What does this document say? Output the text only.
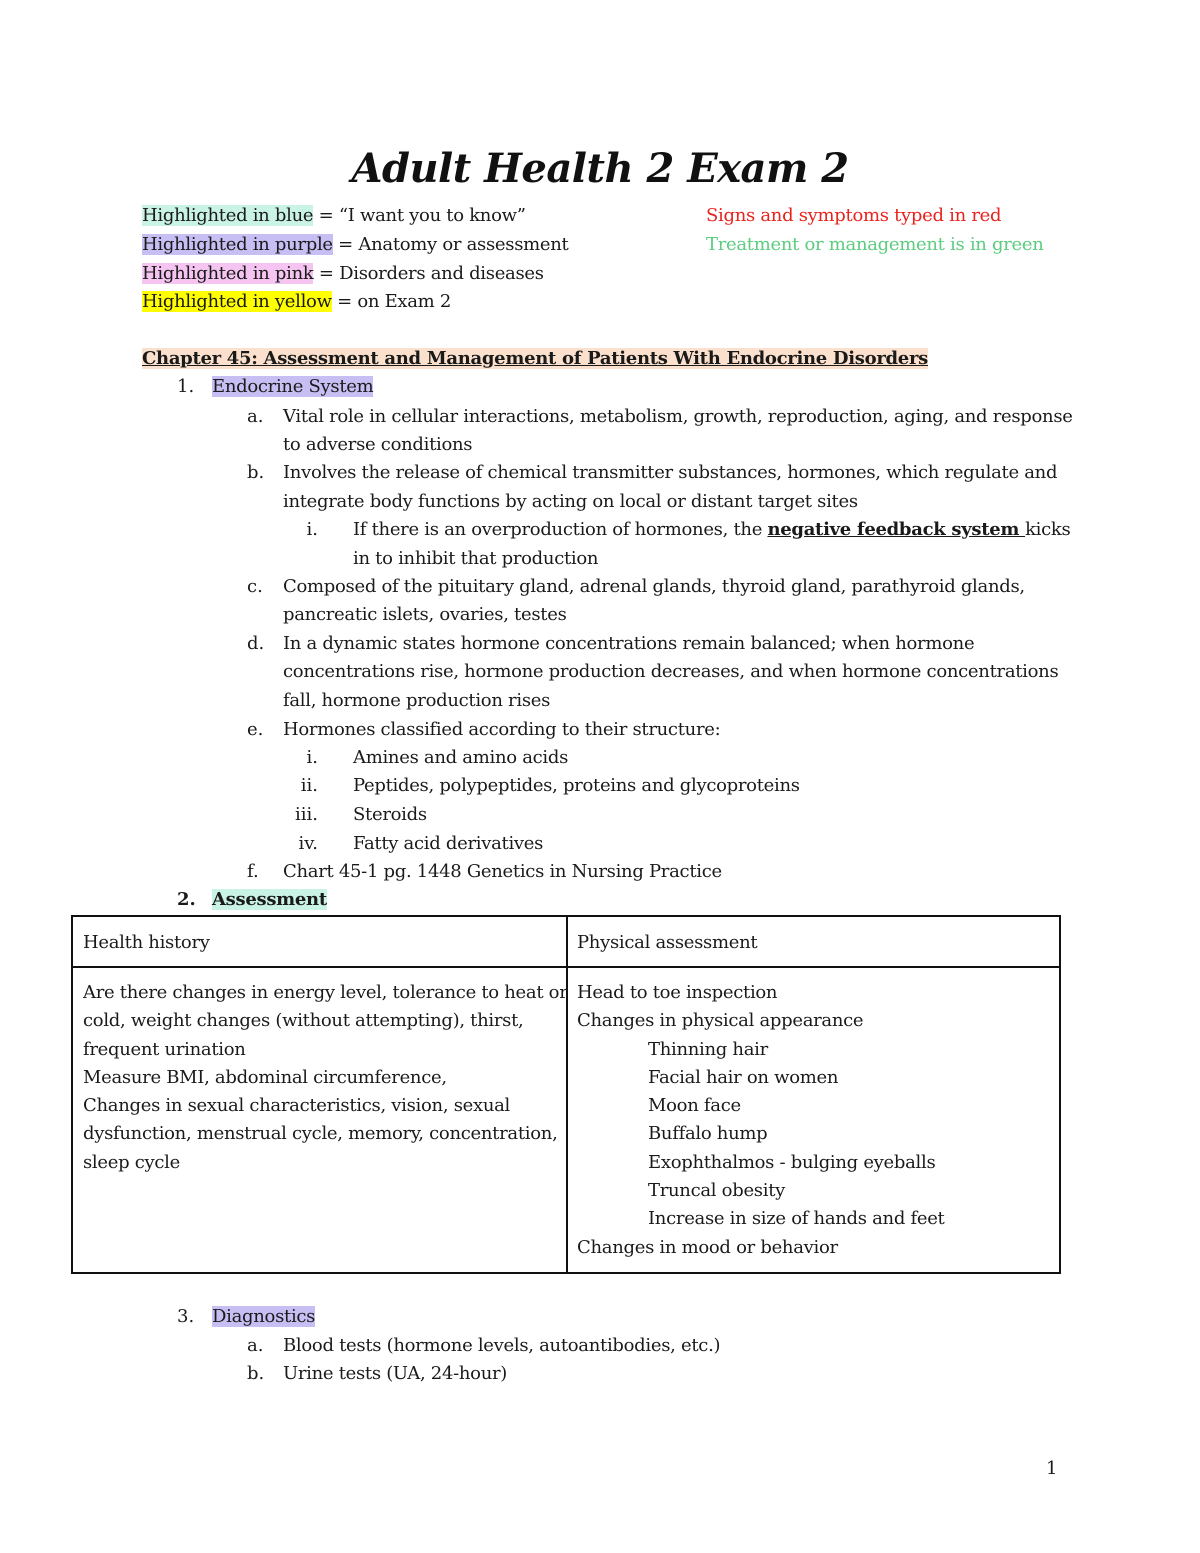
Adult Health 2 Exam 2
Highlighted in blue = “I want you to know”
Highlighted in purple = Anatomy or assessment
Highlighted in pink = Disorders and diseases
Highlighted in yellow = on Exam 2
Signs and symptoms typed in red
Treatment or management is in green
Chapter 45: Assessment and Management of Patients With Endocrine Disorders
1. Endocrine System
a. Vital role in cellular interactions, metabolism, growth, reproduction, aging, and response
to adverse conditions
b. Involves the release of chemical transmitter substances, hormones, which regulate and
integrate body functions by acting on local or distant target sites
i. If there is an overproduction of hormones, the negative feedback system kicks
in to inhibit that production
c. Composed of the pituitary gland, adrenal glands, thyroid gland, parathyroid glands,
pancreatic islets, ovaries, testes
d. In a dynamic states hormone concentrations remain balanced; when hormone
concentrations rise, hormone production decreases, and when hormone concentrations
fall, hormone production rises
e. Hormones classified according to their structure:
i. Amines and amino acids
ii. Peptides, polypeptides, proteins and glycoproteins
iii. Steroids
iv. Fatty acid derivatives
f. Chart 45-1 pg. 1448 Genetics in Nursing Practice
2. Assessment
Health history	Physical assessment
Are there changes in energy level, tolerance to heat or
cold, weight changes (without attempting), thirst,
frequent urination
Measure BMI, abdominal circumference,
Changes in sexual characteristics, vision, sexual
dysfunction, menstrual cycle, memory, concentration,
sleep cycle
Head to toe inspection
Changes in physical appearance
Thinning hair
Facial hair on women
Moon face
Buffalo hump
Exophthalmos - bulging eyeballs
Truncal obesity
Increase in size of hands and feet
Changes in mood or behavior
3. Diagnostics
a. Blood tests (hormone levels, autoantibodies, etc.)
b. Urine tests (UA, 24-hour)
1
